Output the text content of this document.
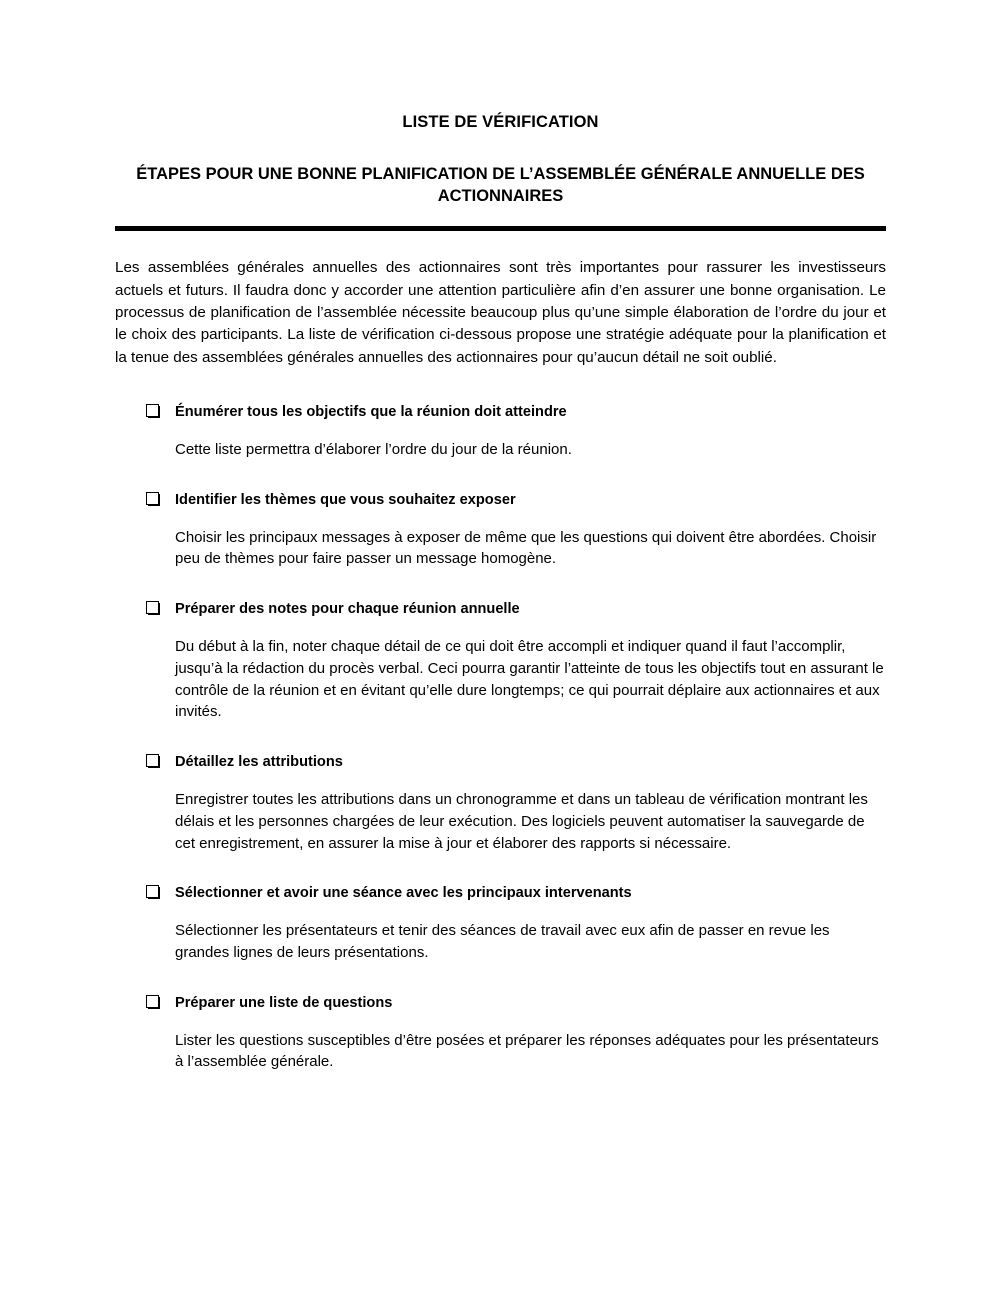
LISTE DE VÉRIFICATION
ÉTAPES POUR UNE BONNE PLANIFICATION DE L’ASSEMBLÉE GÉNÉRALE ANNUELLE DES ACTIONNAIRES

Les assemblées générales annuelles des actionnaires sont très importantes pour rassurer les investisseurs actuels et futurs. Il faudra donc y accorder une attention particulière afin d’en assurer une bonne organisation. Le processus de planification de l’assemblée nécessite beaucoup plus qu’une simple élaboration de l’ordre du jour et le choix des participants. La liste de vérification ci-dessous propose une stratégie adéquate pour la planification et la tenue des assemblées générales annuelles des actionnaires pour qu’aucun détail ne soit oublié.

Énumérer tous les objectifs que la réunion doit atteindre
Cette liste permettra d’élaborer l’ordre du jour de la réunion.
Identifier les thèmes que vous souhaitez exposer
Choisir les principaux messages à exposer de même que les questions qui doivent être abordées. Choisir peu de thèmes pour faire passer un message homogène.
Préparer des notes pour chaque réunion annuelle
Du début à la fin, noter chaque détail de ce qui doit être accompli et indiquer quand il faut l’accomplir, jusqu’à la rédaction du procès verbal. Ceci pourra garantir l’atteinte de tous les objectifs tout en assurant le contrôle de la réunion et en évitant qu’elle dure longtemps; ce qui pourrait déplaire aux actionnaires et aux invités.
Détaillez les attributions
Enregistrer toutes les attributions dans un chronogramme et dans un tableau de vérification montrant les délais et les personnes chargées de leur exécution. Des logiciels peuvent automatiser la sauvegarde de cet enregistrement, en assurer la mise à jour et élaborer des rapports si nécessaire.
Sélectionner et avoir une séance avec les principaux intervenants
Sélectionner les présentateurs et tenir des séances de travail avec eux afin de passer en revue les grandes lignes de leurs présentations.
Préparer une liste de questions
Lister les questions susceptibles d’être posées et préparer les réponses adéquates pour les présentateurs à l’assemblée générale.
